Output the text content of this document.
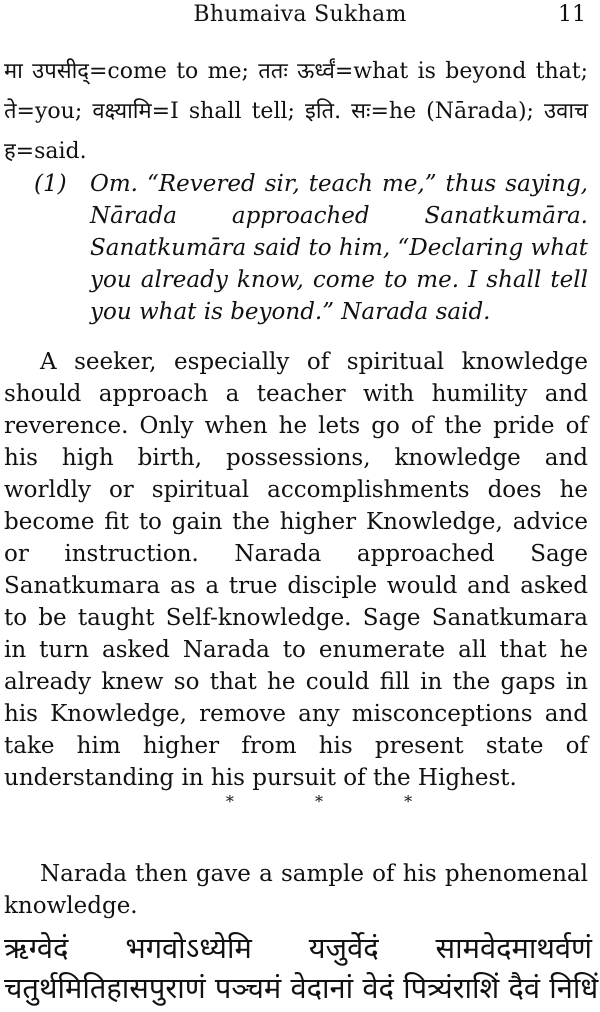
Bhumaiva Sukham	11
मा उपसीद्=come to me; ततः ऊर्ध्वं=what is beyond that; ते=you; वक्ष्यामि=I shall tell; इति. सः=he (Nārada); उवाच ह=said.
(1) Om. “Revered sir, teach me,” thus saying, Nārada approached Sanatkumāra. Sanatkumāra said to him, “Declaring what you already know, come to me. I shall tell you what is beyond.” Narada said.
A seeker, especially of spiritual knowledge should approach a teacher with humility and reverence. Only when he lets go of the pride of his high birth, possessions, knowledge and worldly or spiritual accomplishments does he become fit to gain the higher Knowledge, advice or instruction. Narada approached Sage Sanatkumara as a true disciple would and asked to be taught Self-knowledge. Sage Sanatkumara in turn asked Narada to enumerate all that he already knew so that he could fill in the gaps in his Knowledge, remove any misconceptions and take him higher from his present state of understanding in his pursuit of the Highest.
* * *
Narada then gave a sample of his phenomenal knowledge.
ऋग्वेदं भगवोऽध्येमि यजुर्वेदं सामवेदमाथर्वणं
चतुर्थमितिहासपुराणं पञ्चमं वेदानां वेदं पित्र्यंराशिं दैवं निधिं
